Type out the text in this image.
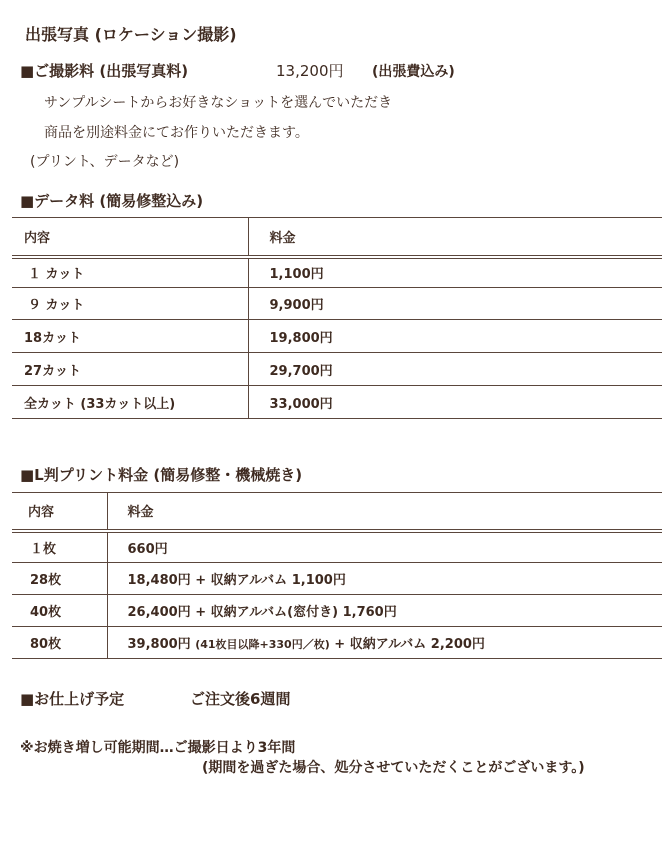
出張写真 (ロケーション撮影)
■ご撮影料 (出張写真料)	13,200円 (出張費込み)
サンプルシートからお好きなショットを選んでいただき
商品を別途料金にてお作りいただきます。
(プリント、データなど)
■データ料 (簡易修整込み)
内容	料金
１ カット	1,100円
９ カット	9,900円
18カット	19,800円
27カット	29,700円
全カット (33カット以上)	33,000円
■L判プリント料金 (簡易修整・機械焼き)
内容	料金
１枚	660円
28枚	18,480円 + 収納アルバム 1,100円
40枚	26,400円 + 収納アルバム(窓付き) 1,760円
80枚	39,800円 (41枚目以降+330円／枚) + 収納アルバム 2,200円
■お仕上げ予定	ご注文後6週間
※お焼き増し可能期間…ご撮影日より3年間
(期間を過ぎた場合、処分させていただくことがございます。)
